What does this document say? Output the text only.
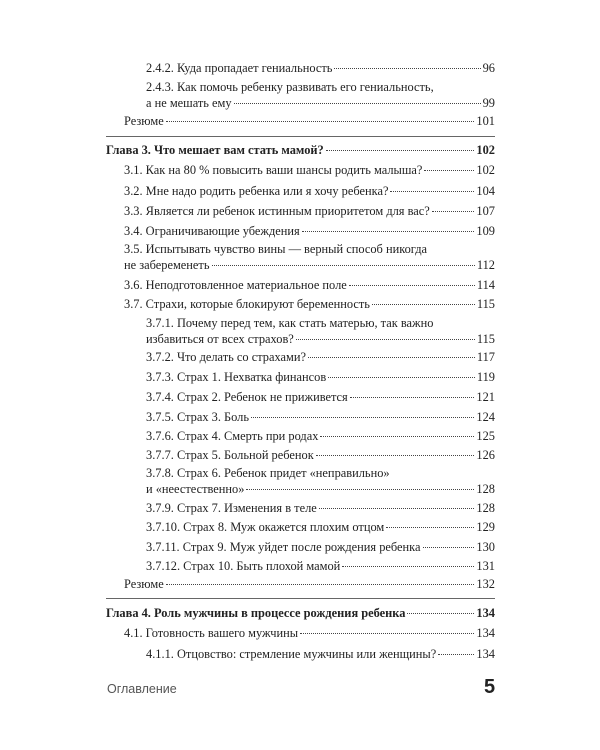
2.4.2. Куда пропадает гениальность	96
2.4.3. Как помочь ребенку развивать его гениальность,
а не мешать ему	99
Резюме	101
Глава 3. Что мешает вам стать мамой?	102
3.1. Как на 80 % повысить ваши шансы родить малыша?	102
3.2. Мне надо родить ребенка или я хочу ребенка?	104
3.3. Является ли ребенок истинным приоритетом для вас?	107
3.4. Ограничивающие убеждения	109
3.5. Испытывать чувство вины — верный способ никогда
не забеременеть	112
3.6. Неподготовленное материальное поле	114
3.7. Страхи, которые блокируют беременность	115
3.7.1. Почему перед тем, как стать матерью, так важно
избавиться от всех страхов?	115
3.7.2. Что делать со страхами?	117
3.7.3. Страх 1. Нехватка финансов	119
3.7.4. Страх 2. Ребенок не приживется	121
3.7.5. Страх 3. Боль	124
3.7.6. Страх 4. Смерть при родах	125
3.7.7. Страх 5. Больной ребенок	126
3.7.8. Страх 6. Ребенок придет «неправильно»
и «неестественно»	128
3.7.9. Страх 7. Изменения в теле	128
3.7.10. Страх 8. Муж окажется плохим отцом	129
3.7.11. Страх 9. Муж уйдет после рождения ребенка	130
3.7.12. Страх 10. Быть плохой мамой	131
Резюме	132
Глава 4. Роль мужчины в процессе рождения ребенка	134
4.1. Готовность вашего мужчины	134
4.1.1. Отцовство: стремление мужчины или женщины?	134
Оглавление	5
